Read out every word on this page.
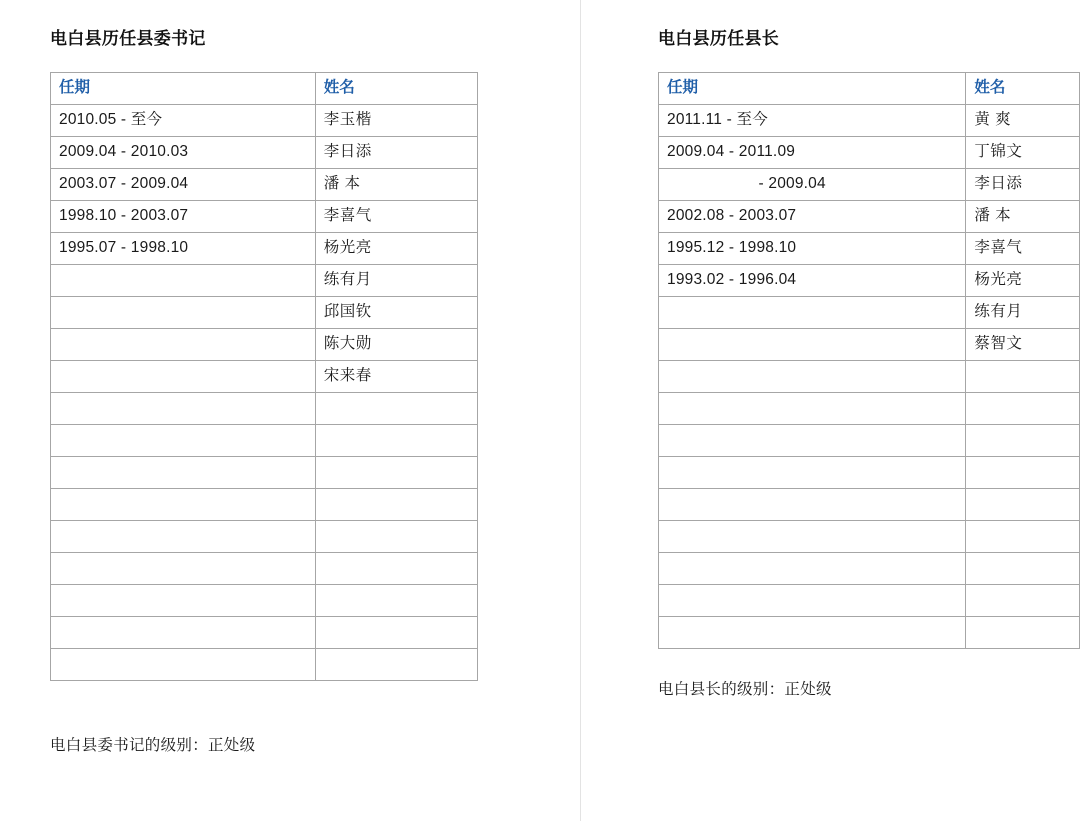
电白县历任县委书记
任期	姓名
2010.05 - 至今	李玉楷
2009.04 - 2010.03	李日添
2003.07 - 2009.04	潘 本
1998.10 - 2003.07	李喜气
1995.07 - 1998.10	杨光亮
	练有月
	邱国钦
	陈大勋
	宋来春

电白县委书记的级别：正处级
电白县历任县长
任期	姓名
2011.11 - 至今	黄 爽
2009.04 - 2011.09	丁锦文
- 2009.04	李日添
2002.08 - 2003.07	潘 本
1995.12 - 1998.10	李喜气
1993.02 - 1996.04	杨光亮
	练有月
	蔡智文

电白县长的级别：正处级
